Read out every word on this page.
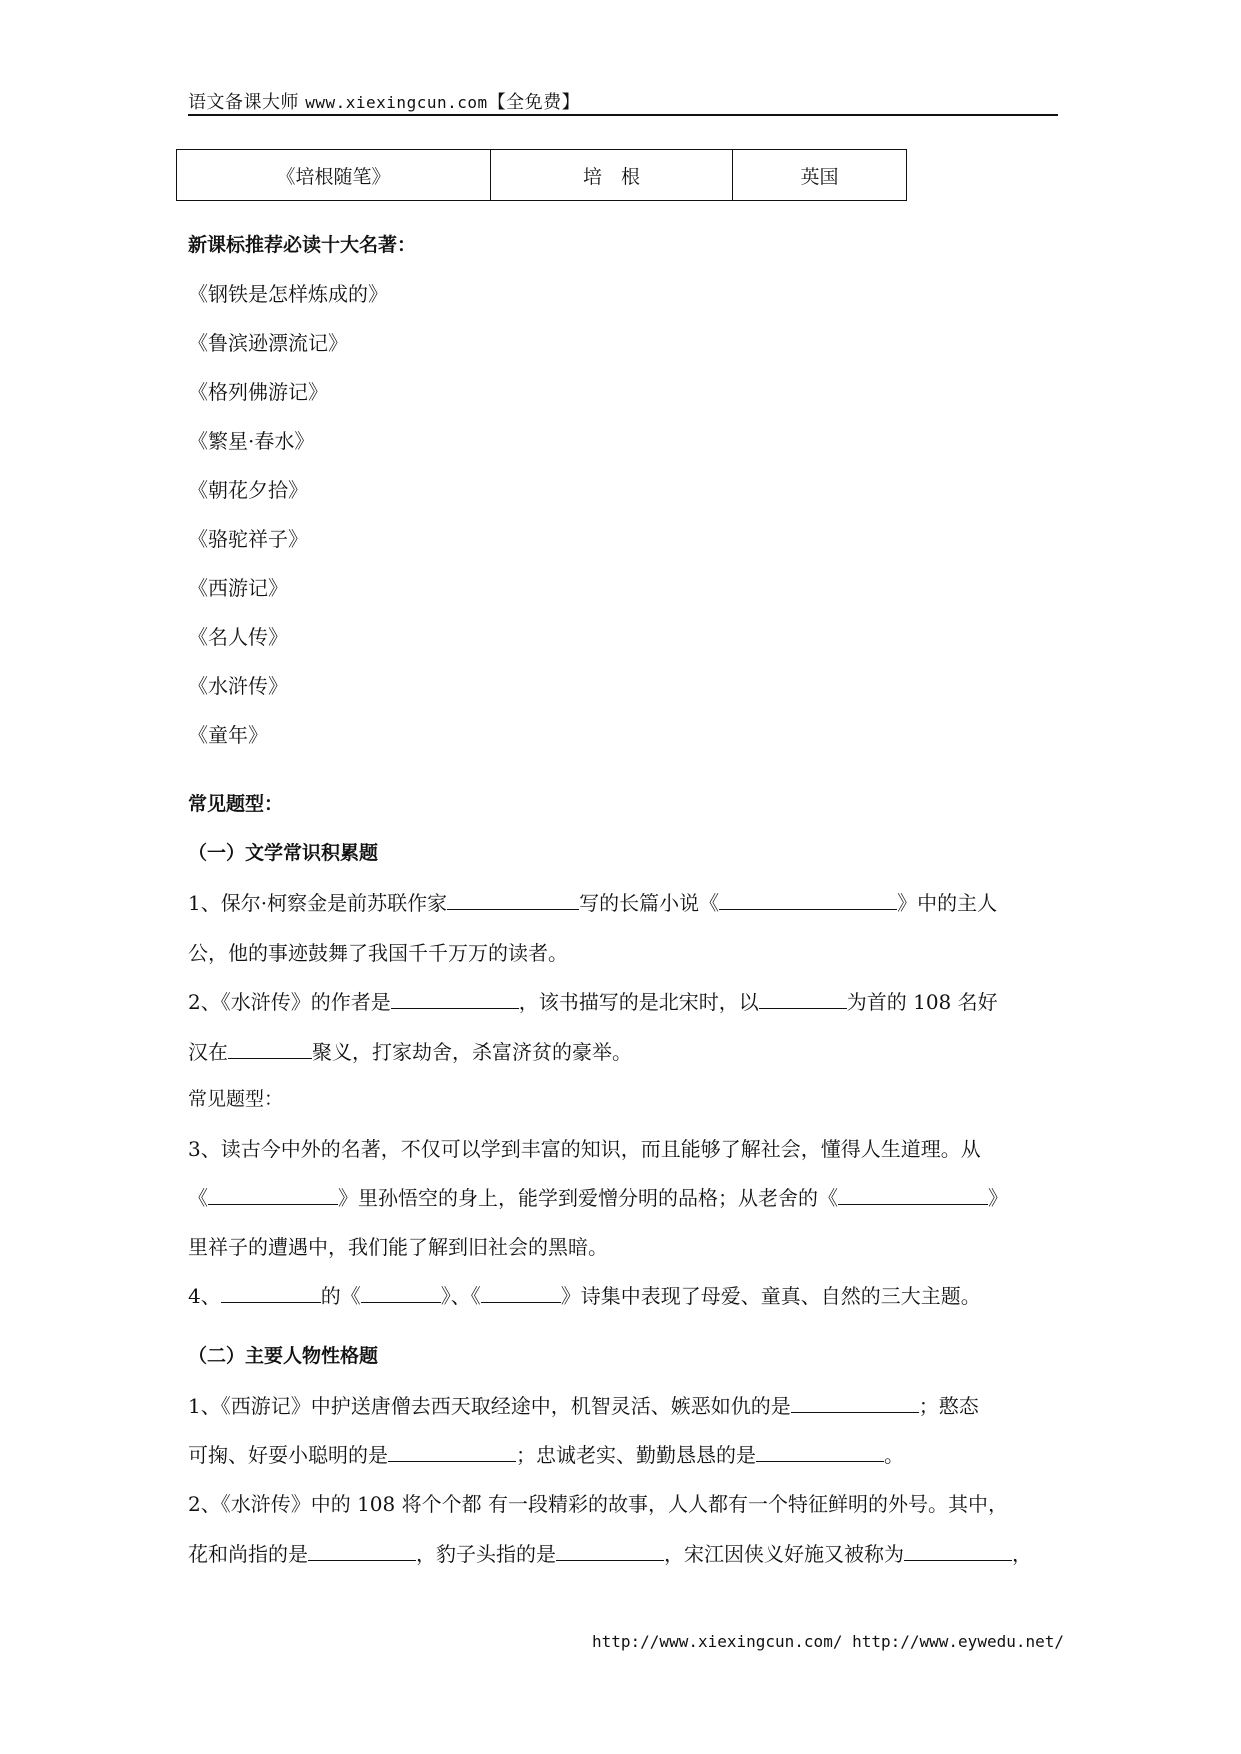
语文备课大师 www.xiexingcun.com【全免费】
《培根随笔》	培　根	英国
新课标推荐必读十大名著：
《钢铁是怎样炼成的》
《鲁滨逊漂流记》
《格列佛游记》
《繁星·春水》
《朝花夕拾》
《骆驼祥子》
《西游记》
《名人传》
《水浒传》
《童年》
常见题型：
（一）文学常识积累题
1、保尔·柯察金是前苏联作家	写的长篇小说《	》中的主人
公，他的事迹鼓舞了我国千千万万的读者。
2、《水浒传》的作者是	，该书描写的是北宋时，以	为首的 108 名好
汉在	聚义，打家劫舍，杀富济贫的豪举。
常见题型：
3、读古今中外的名著，不仅可以学到丰富的知识，而且能够了解社会，懂得人生道理。从
《	》里孙悟空的身上，能学到爱憎分明的品格；从老舍的《	》
里祥子的遭遇中，我们能了解到旧社会的黑暗。
4、	的《	》、《	》诗集中表现了母爱、童真、自然的三大主题。
（二）主要人物性格题
1、《西游记》中护送唐僧去西天取经途中，机智灵活、嫉恶如仇的是	；憨态
可掬、好耍小聪明的是	；忠诚老实、勤勤恳恳的是	。
2、《水浒传》中的 108 将个个都 有一段精彩的故事，人人都有一个特征鲜明的外号。其中，
花和尚指的是	，豹子头指的是	，宋江因侠义好施又被称为	，
http://www.xiexingcun.com/ http://www.eywedu.net/
